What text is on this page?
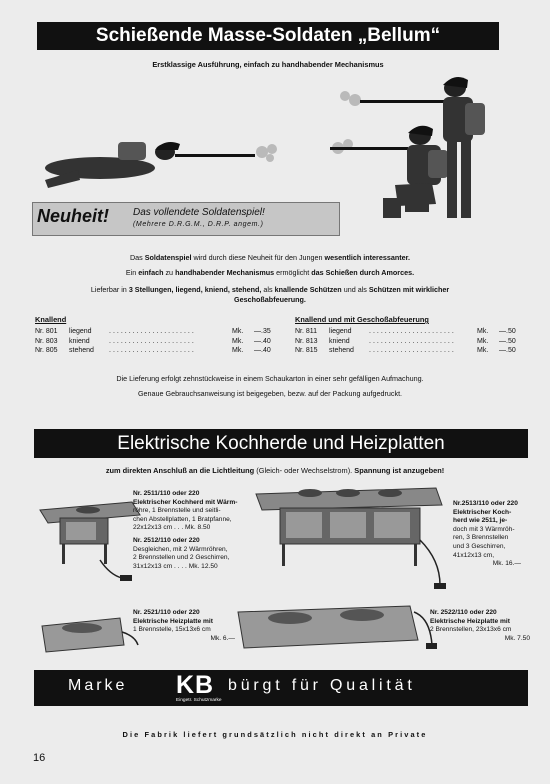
Schießende Masse-Soldaten „Bellum“
Erstklassige Ausführung, einfach zu handhabender Mechanismus
Neuheit! Das vollendete Soldatenspiel!
(Mehrere D.R.G.M., D.R.P. angem.)
Das Soldatenspiel wird durch diese Neuheit für den Jungen wesentlich interessanter.
Ein einfach zu handhabender Mechanismus ermöglicht das Schießen durch Amorces.
Lieferbar in 3 Stellungen, liegend, kniend, stehend, als knallende Schützen und als Schützen mit wirklicher
Geschoßabfeuerung.
Knallend
Nr. 801	liegend	......................	Mk.	—.35
Nr. 803	kniend	......................	Mk.	—.40
Nr. 805	stehend	......................	Mk.	—.40
Knallend und mit Geschoßabfeuerung
Nr. 811	liegend	......................	Mk.	—.50
Nr. 813	kniend	......................	Mk.	—.50
Nr. 815	stehend	......................	Mk.	—.50
Die Lieferung erfolgt zehnstückweise in einem Schaukarton in einer sehr gefälligen Aufmachung.
Genaue Gebrauchsanweisung ist beigegeben, bezw. auf der Packung aufgedruckt.
Elektrische Kochherde und Heizplatten
zum direkten Anschluß an die Lichtleitung (Gleich- oder Wechselstrom). Spannung ist anzugeben!
Nr. 2511/110 oder 220
Elektrischer Kochherd mit Wärm-
röhre, 1 Brennstelle und seitli-
chen Abstellplatten, 1 Bratpfanne,
22x12x13 cm . . . Mk. 8.50
Nr. 2512/110 oder 220
Desgleichen, mit 2 Wärmröhren,
2 Brennstellen und 2 Geschirren,
31x12x13 cm . . . . Mk. 12.50
Nr.2513/110 oder 220
Elektrischer Koch-
herd wie 2511, je-
doch mit 3 Wärmröh-
ren, 3 Brennstellen
und 3 Geschirren,
41x12x13 cm,
Mk. 16.—
Nr. 2521/110 oder 220
Elektrische Heizplatte mit
1 Brennstelle, 15x13x6 cm
Mk. 6.—
Nr. 2522/110 oder 220
Elektrische Heizplatte mit
2 Brennstellen, 23x13x6 cm
Mk. 7.50
Marke KB bürgt für Qualität
Eingetr. Schutzmarke
Die Fabrik liefert grundsätzlich nicht direkt an Private
16
